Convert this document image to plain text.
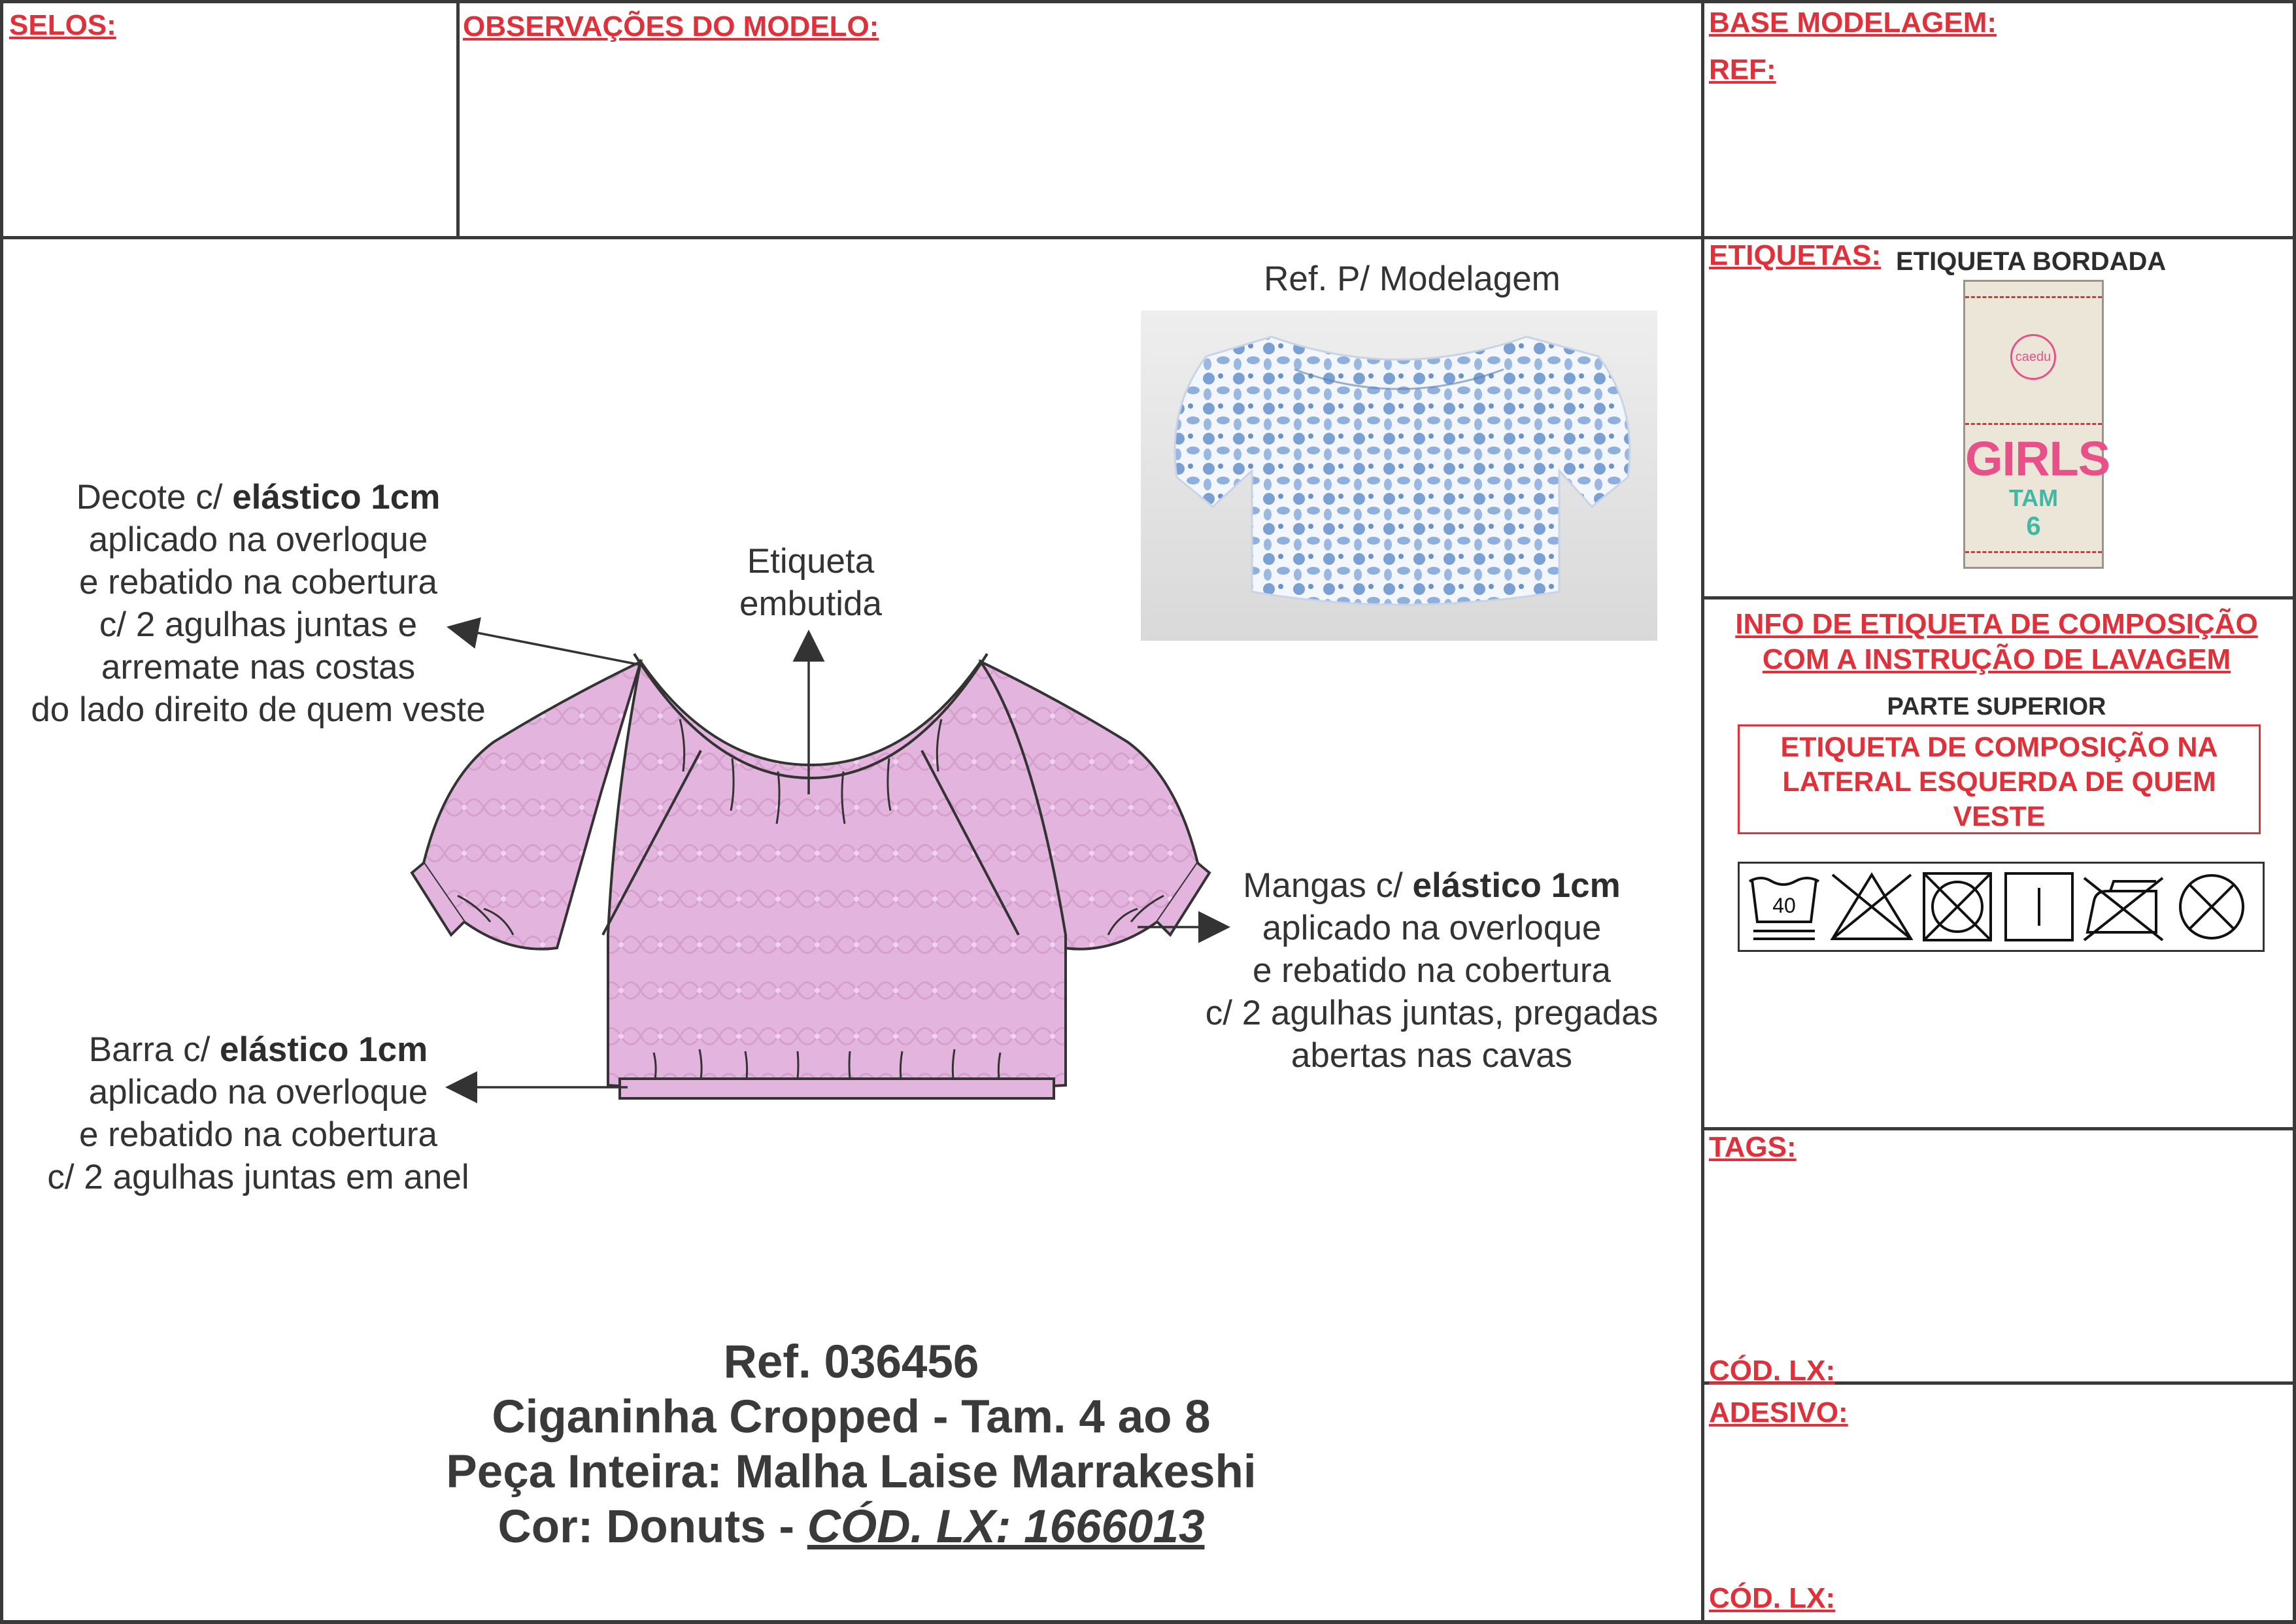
SELOS:	OBSERVAÇÕES DO MODELO:	BASE MODELAGEM:
REF:
Ref. P/ Modelagem
Decote c/ elástico 1cm
aplicado na overloque
e rebatido na cobertura
c/ 2 agulhas juntas e
arremate nas costas
do lado direito de quem veste
Etiqueta
embutida
Mangas c/ elástico 1cm
aplicado na overloque
e rebatido na cobertura
c/ 2 agulhas juntas, pregadas
abertas nas cavas
Barra c/ elástico 1cm
aplicado na overloque
e rebatido na cobertura
c/ 2 agulhas juntas em anel
Ref. 036456
Ciganinha Cropped - Tam. 4 ao 8
Peça Inteira: Malha Laise Marrakeshi
Cor: Donuts - CÓD. LX: 1666013
ETIQUETAS: ETIQUETA BORDADA
caedu
GIRLS
TAM
6
INFO DE ETIQUETA DE COMPOSIÇÃO
COM A INSTRUÇÃO DE LAVAGEM
PARTE SUPERIOR
ETIQUETA DE COMPOSIÇÃO NA
LATERAL ESQUERDA DE QUEM
VESTE
40
TAGS:
CÓD. LX:
ADESIVO:
CÓD. LX:
